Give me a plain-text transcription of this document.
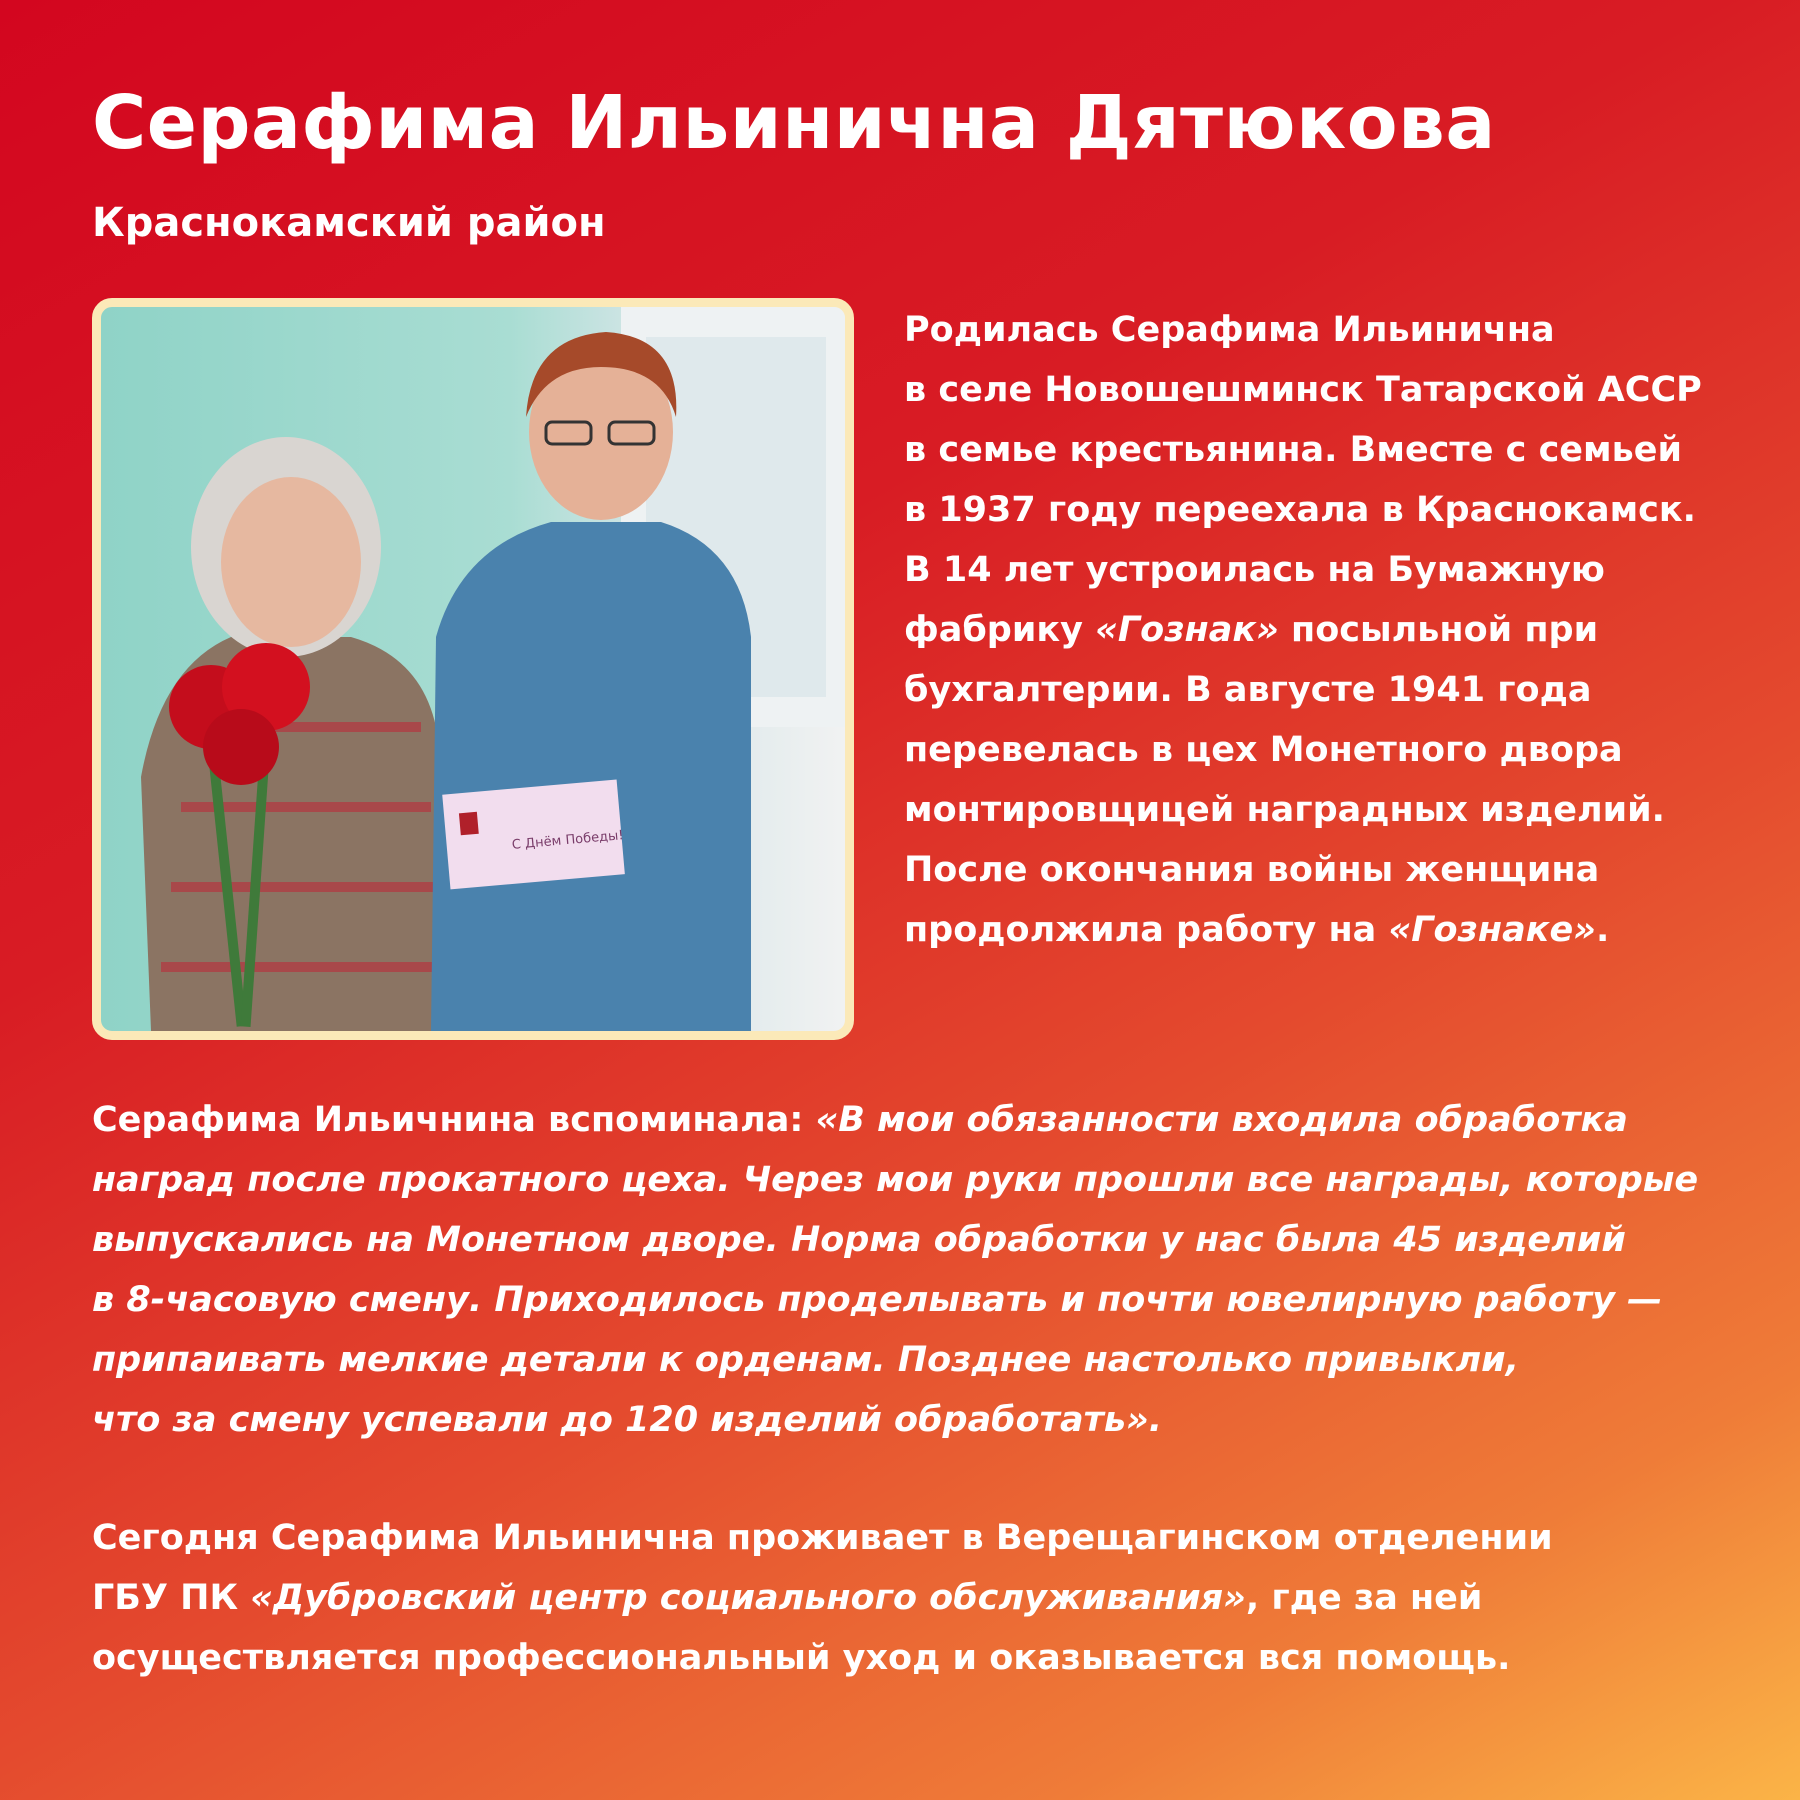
Серафима Ильинична Дятюкова
Краснокамский район
С Днём Победы!

Родилась Серафима Ильинична

в селе Новошешминск Татарской АССР

в семье крестьянина. Вместе с семьей

в 1937 году переехала в Краснокамск.

В 14 лет устроилась на Бумажную

фабрику «Гознак» посыльной при

бухгалтерии. В августе 1941 года

перевелась в цех Монетного двора

монтировщицей наградных изделий.

После окончания войны женщина

продолжила работу на «Гознаке».

Серафима Ильичнина вспоминала: «В мои обязанности входила обработка

наград после прокатного цеха. Через мои руки прошли все награды, которые

выпускались на Монетном дворе. Норма обработки у нас была 45 изделий

в 8-часовую смену. Приходилось проделывать и почти ювелирную работу —

припаивать мелкие детали к орденам. Позднее настолько привыкли,

что за смену успевали до 120 изделий обработать».

Сегодня Серафима Ильинична проживает в Верещагинском отделении

ГБУ ПК «Дубровский центр социального обслуживания», где за ней

осуществляется профессиональный уход и оказывается вся помощь.
